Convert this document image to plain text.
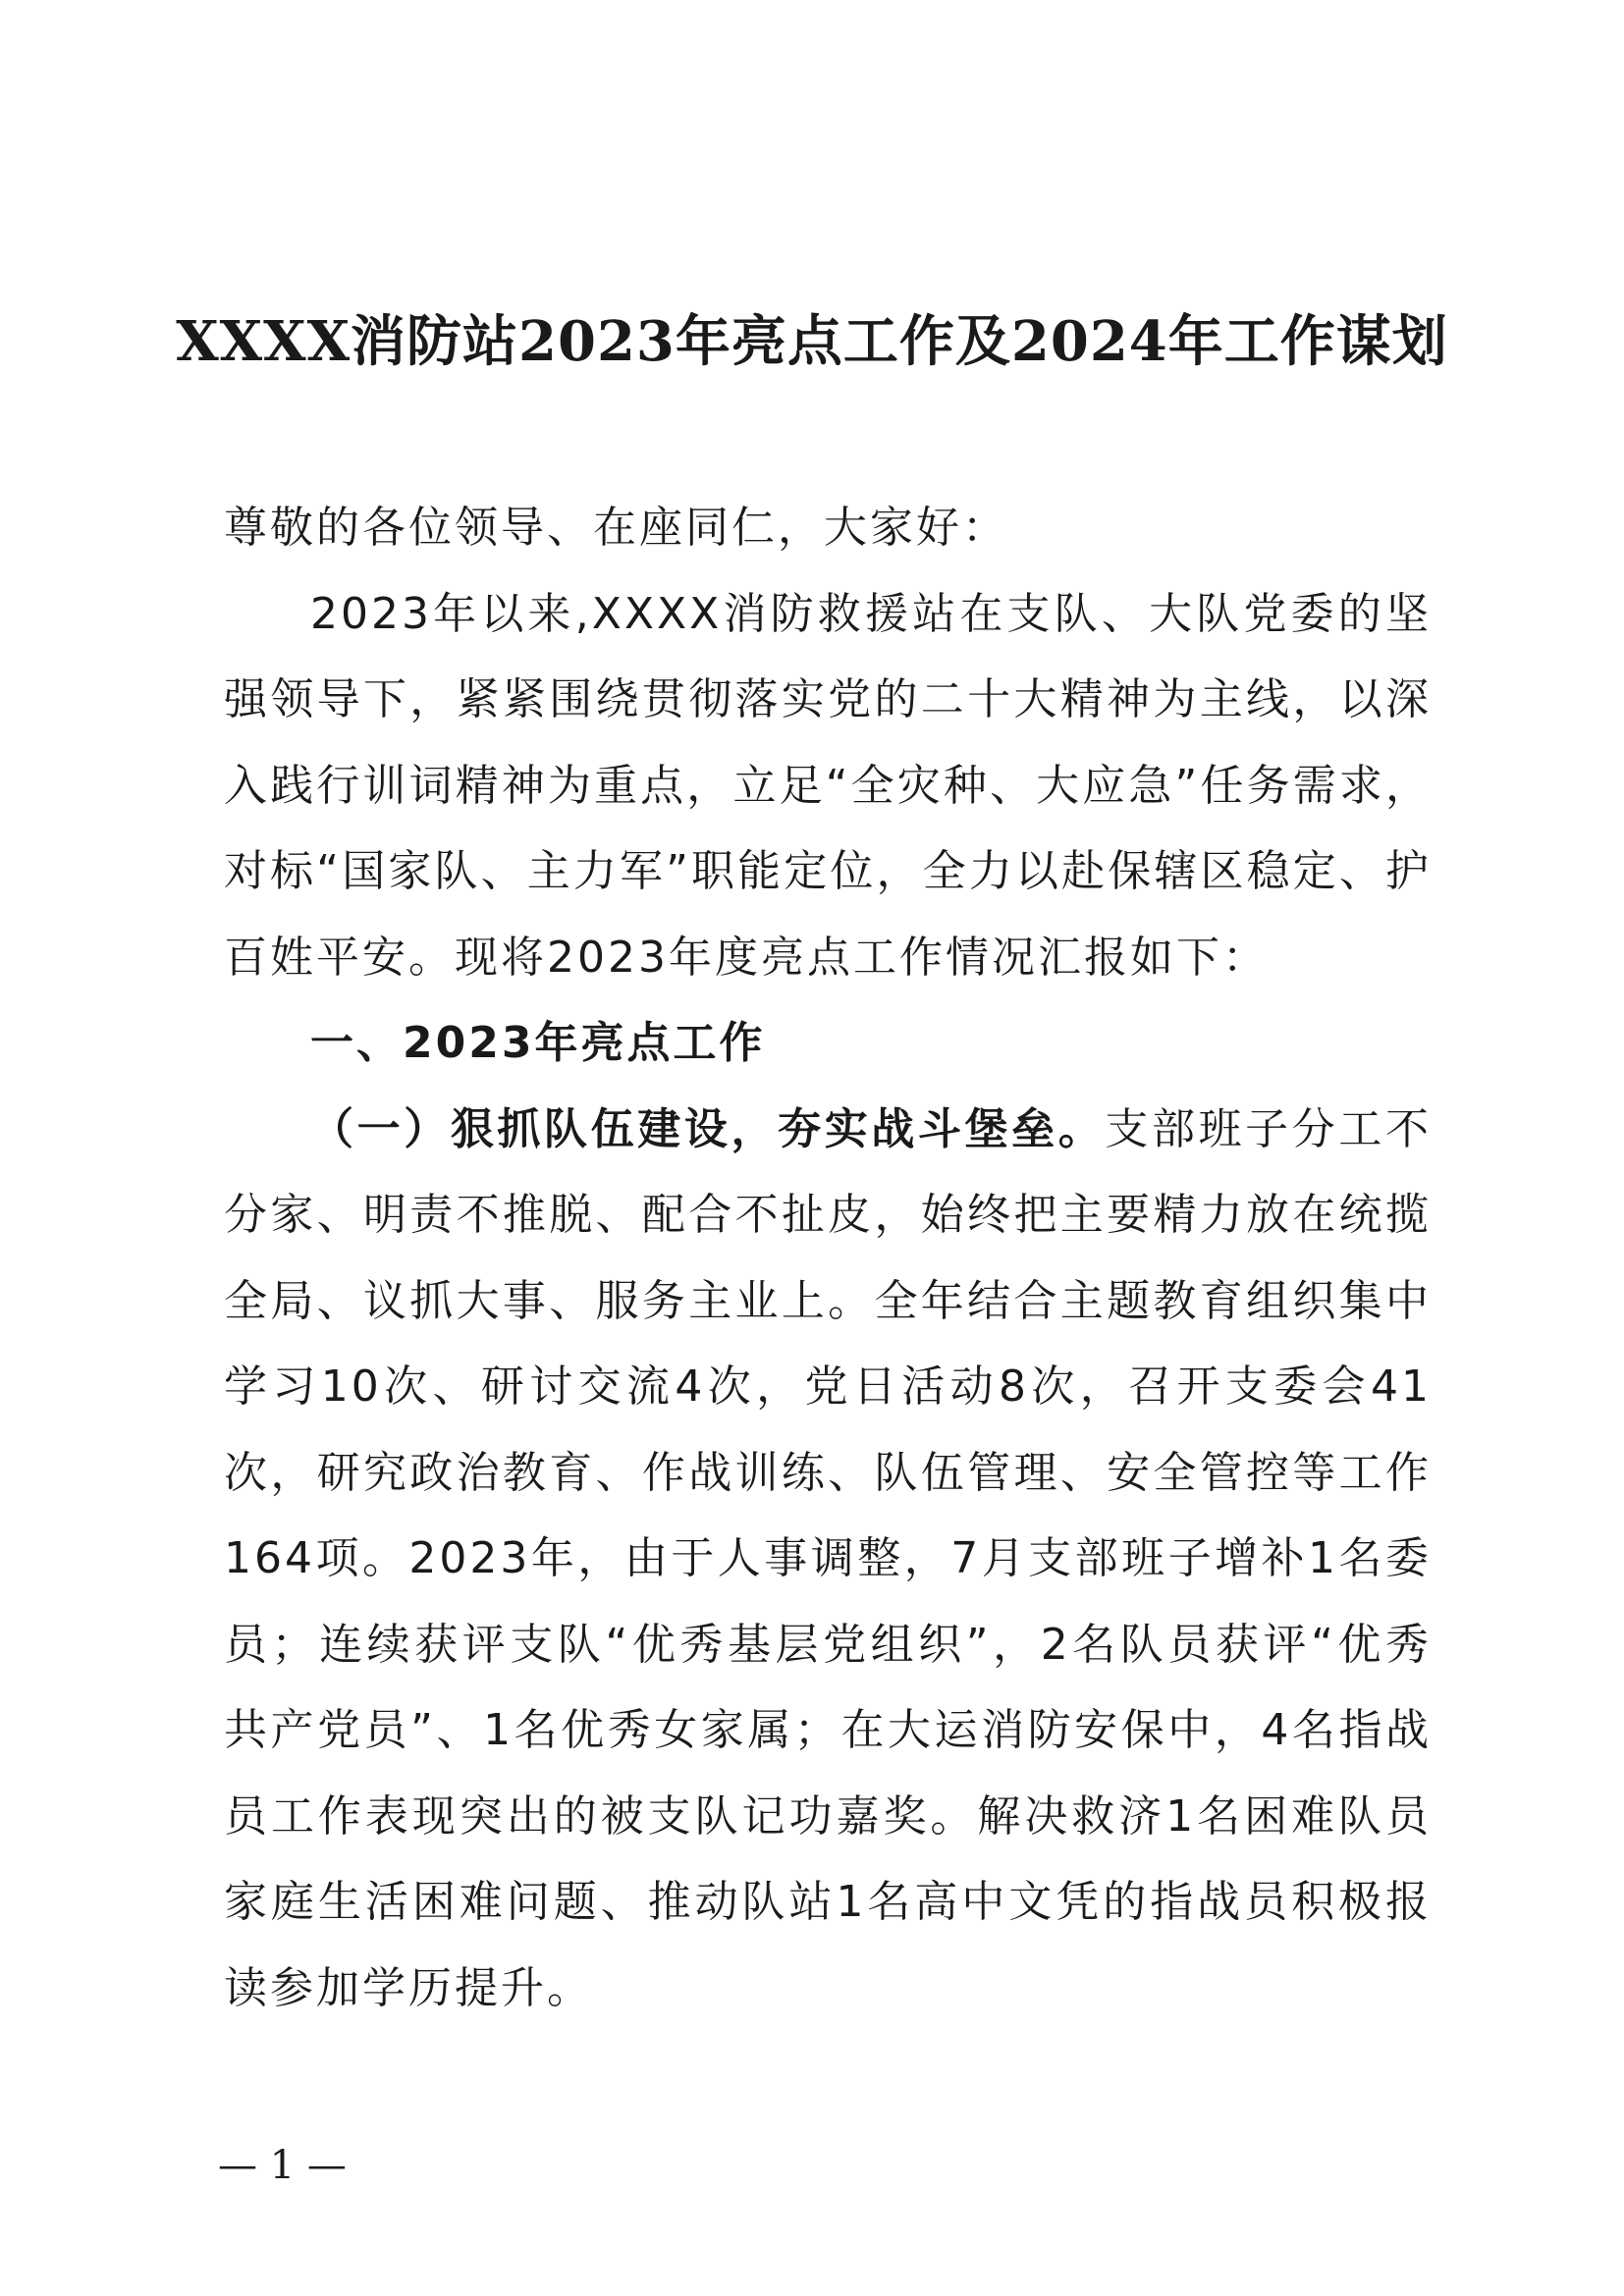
XXXX消防站2023年亮点工作及2024年工作谋划

尊敬的各位领导、在座同仁，大家好：

2023年以来,XXXX消防救援站在支队、大队党委的坚强领导下，紧紧围绕贯彻落实党的二十大精神为主线，以深入践行训词精神为重点，立足“全灾种、大应急”任务需求，对标“国家队、主力军”职能定位，全力以赴保辖区稳定、护百姓平安。现将2023年度亮点工作情况汇报如下：

一、2023年亮点工作

（一）狠抓队伍建设，夯实战斗堡垒。支部班子分工不分家、明责不推脱、配合不扯皮，始终把主要精力放在统揽全局、议抓大事、服务主业上。全年结合主题教育组织集中学习10次、研讨交流4次，党日活动8次，召开支委会41次，研究政治教育、作战训练、队伍管理、安全管控等工作164项。2023年，由于人事调整，7月支部班子增补1名委员；连续获评支队“优秀基层党组织”，2名队员获评“优秀共产党员”、1名优秀女家属；在大运消防安保中，4名指战员工作表现突出的被支队记功嘉奖。解决救济1名困难队员家庭生活困难问题、推动队站1名高中文凭的指战员积极报读参加学历提升。

— 1 —
